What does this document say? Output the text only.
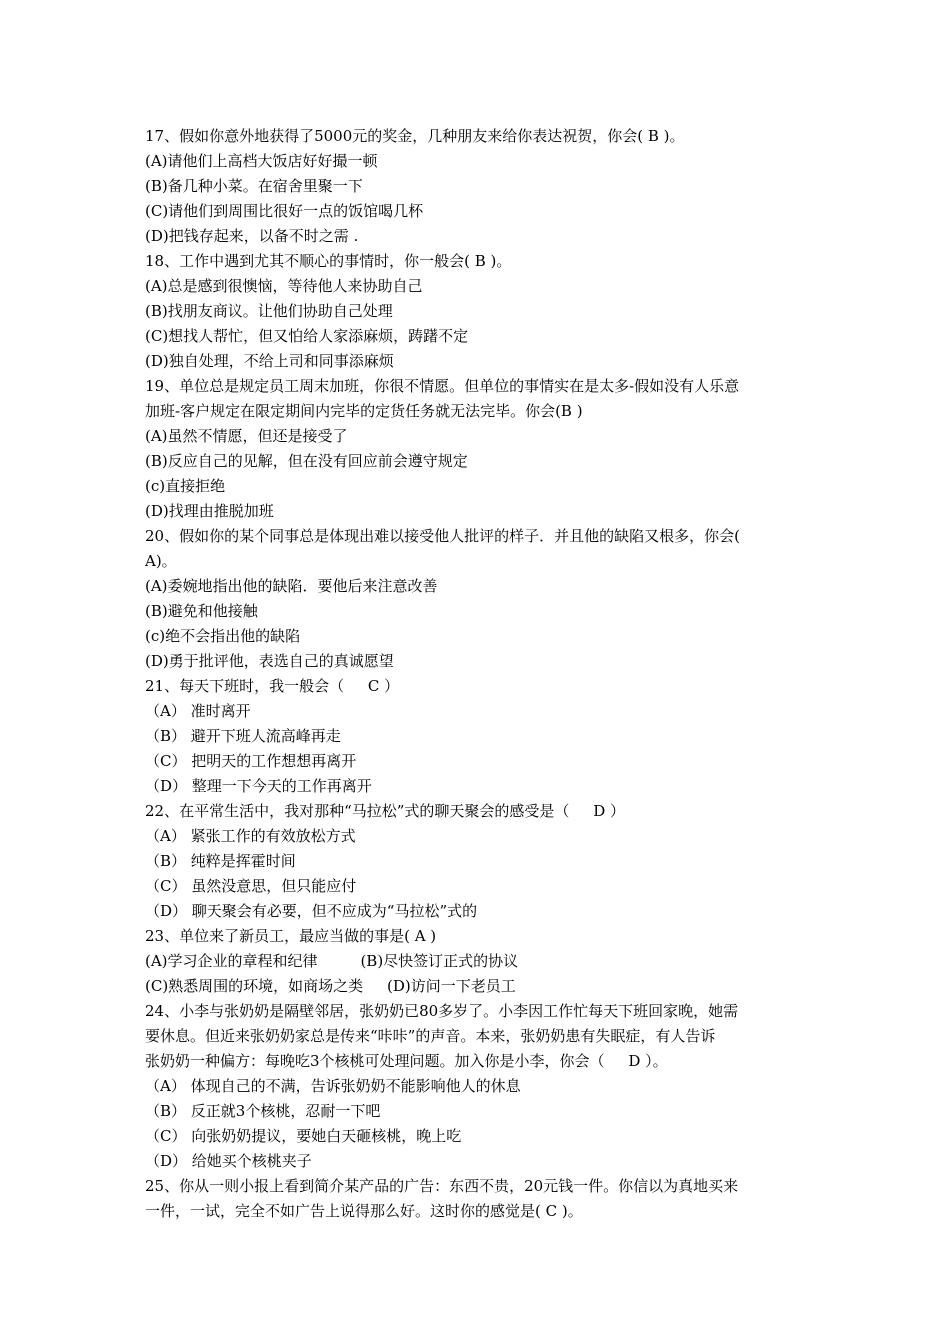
17、假如你意外地获得了5000元的奖金，几种朋友来给你表达祝贺，你会( B )。
(A)请他们上高档大饭店好好撮一顿
(B)备几种小菜。在宿舍里聚一下
(C)请他们到周围比很好一点的饭馆喝几杯
(D)把钱存起来，以备不时之需 .
18、工作中遇到尤其不顺心的事情时，你一般会( B )。
(A)总是感到很懊恼，等待他人来协助自己
(B)找朋友商议。让他们协助自己处理
(C)想找人帮忙，但又怕给人家添麻烦，踌躇不定
(D)独自处理，不给上司和同事添麻烦
19、单位总是规定员工周末加班，你很不情愿。但单位的事情实在是太多-假如没有人乐意
加班-客户规定在限定期间内完毕的定货任务就无法完毕。你会(B )
(A)虽然不情愿，但还是接受了
(B)反应自己的见解，但在没有回应前会遵守规定
(c)直接拒绝
(D)找理由推脱加班
20、假如你的某个同事总是体现出难以接受他人批评的样子．并且他的缺陷又根多，你会(
A)。
(A)委婉地指出他的缺陷．要他后来注意改善
(B)避免和他接触
(c)绝不会指出他的缺陷
(D)勇于批评他，表选自己的真诚愿望
21、每天下班时，我一般会（     C ）
（A） 准时离开
（B） 避开下班人流高峰再走
（C） 把明天的工作想想再离开
（D） 整理一下今天的工作再离开
22、在平常生活中，我对那种“马拉松”式的聊天聚会的感受是（     D ）
（A） 紧张工作的有效放松方式
（B） 纯粹是挥霍时间
（C） 虽然没意思，但只能应付
（D） 聊天聚会有必要，但不应成为“马拉松”式的
23、单位来了新员工，最应当做的事是( A )
(A)学习企业的章程和纪律         (B)尽快签订正式的协议
(C)熟悉周围的环境，如商场之类     (D)访问一下老员工
24、小李与张奶奶是隔壁邻居，张奶奶已80多岁了。小李因工作忙每天下班回家晚，她需
要休息。但近来张奶奶家总是传来“咔咔”的声音。本来，张奶奶患有失眠症，有人告诉
张奶奶一种偏方：每晚吃3个核桃可处理问题。加入你是小李，你会（     D ）。
（A） 体现自己的不满，告诉张奶奶不能影响他人的休息
（B） 反正就3个核桃，忍耐一下吧
（C） 向张奶奶提议，要她白天砸核桃，晚上吃
（D） 给她买个核桃夹子
25、你从一则小报上看到简介某产品的广告：东西不贵，20元钱一件。你信以为真地买来
一件，一试，完全不如广告上说得那么好。这时你的感觉是( C )。
